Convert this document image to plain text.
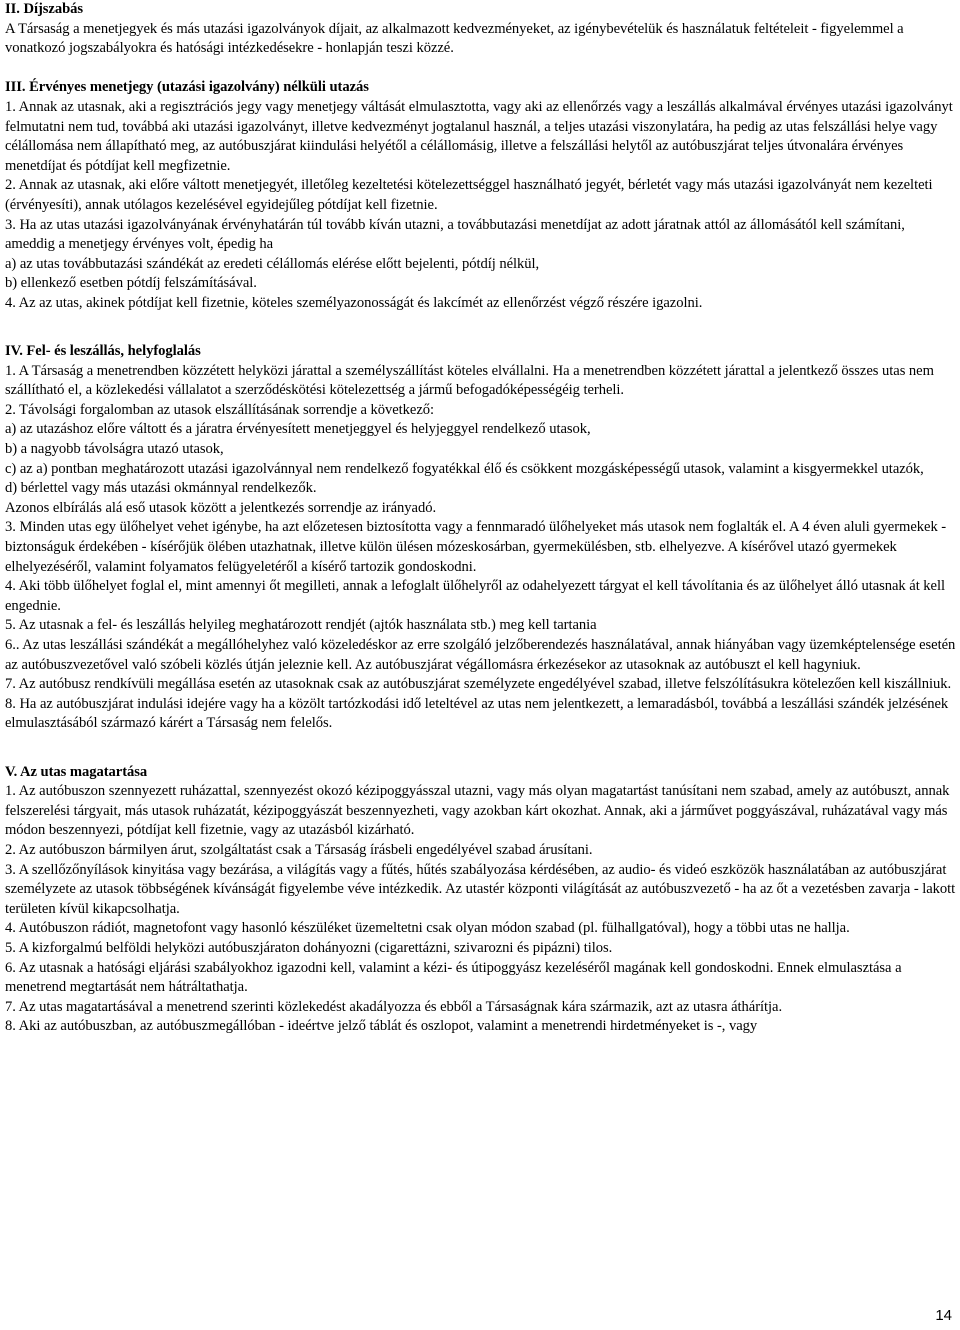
II. Díjszabás

A Társaság a menetjegyek és más utazási igazolványok díjait, az alkalmazott kedvezményeket, az igénybevételük és használatuk feltételeit - figyelemmel a vonatkozó jogszabályokra és hatósági intézkedésekre - honlapján teszi közzé.

III. Érvényes menetjegy (utazási igazolvány) nélküli utazás

1. Annak az utasnak, aki a regisztrációs jegy vagy menetjegy váltását elmulasztotta, vagy aki az ellenőrzés vagy a leszállás alkalmával érvényes utazási igazolványt felmutatni nem tud, továbbá aki utazási igazolványt, illetve kedvezményt jogtalanul használ, a teljes utazási viszonylatára, ha pedig az utas felszállási helye vagy célállomása nem állapítható meg, az autóbuszjárat kiindulási helyétől a célállomásig, illetve a felszállási helytől az autóbuszjárat teljes útvonalára érvényes menetdíjat és pótdíjat kell megfizetnie.

2. Annak az utasnak, aki előre váltott menetjegyét, illetőleg kezeltetési kötelezettséggel használható jegyét, bérletét vagy más utazási igazolványát nem kezelteti (érvényesíti), annak utólagos kezelésével egyidejűleg pótdíjat kell fizetnie.

3. Ha az utas utazási igazolványának érvényhatárán túl tovább kíván utazni, a továbbutazási menetdíjat az adott járatnak attól az állomásától kell számítani, ameddig a menetjegy érvényes volt, épedig ha

a) az utas továbbutazási szándékát az eredeti célállomás elérése előtt bejelenti, pótdíj nélkül,

b) ellenkező esetben pótdíj felszámításával.

4. Az az utas, akinek pótdíjat kell fizetnie, köteles személyazonosságát és lakcímét az ellenőrzést végző részére igazolni.

IV. Fel- és leszállás, helyfoglalás

1. A Társaság a menetrendben közzétett helyközi járattal a személyszállítást köteles elvállalni. Ha a menetrendben közzétett járattal a jelentkező összes utas nem szállítható el, a közlekedési vállalatot a szerződéskötési kötelezettség a jármű befogadóképességéig terheli.

2. Távolsági forgalomban az utasok elszállításának sorrendje a következő:

a) az utazáshoz előre váltott és a járatra érvényesített menetjeggyel és helyjeggyel rendelkező utasok,

b) a nagyobb távolságra utazó utasok,

c) az a) pontban meghatározott utazási igazolvánnyal nem rendelkező fogyatékkal élő és csökkent mozgásképességű utasok, valamint a kisgyermekkel utazók,

d) bérlettel vagy más utazási okmánnyal rendelkezők.

Azonos elbírálás alá eső utasok között a jelentkezés sorrendje az irányadó.

3. Minden utas egy ülőhelyet vehet igénybe, ha azt előzetesen biztosította vagy a fennmaradó ülőhelyeket más utasok nem foglalták el. A 4 éven aluli gyermekek - biztonságuk érdekében - kísérőjük ölében utazhatnak, illetve külön ülésen mózeskosárban, gyermekülésben, stb. elhelyezve. A kísérővel utazó gyermekek elhelyezéséről, valamint folyamatos felügyeletéről a kísérő tartozik gondoskodni.

4. Aki több ülőhelyet foglal el, mint amennyi őt megilleti, annak a lefoglalt ülőhelyről az odahelyezett tárgyat el kell távolítania és az ülőhelyet álló utasnak át kell engednie.

5. Az utasnak a fel- és leszállás helyileg meghatározott rendjét (ajtók használata stb.) meg kell tartania

6.. Az utas leszállási szándékát a megállóhelyhez való közeledéskor az erre szolgáló jelzőberendezés használatával, annak hiányában vagy üzemképtelensége esetén az autóbuszvezetővel való szóbeli közlés útján jeleznie kell. Az autóbuszjárat végállomásra érkezésekor az utasoknak az autóbuszt el kell hagyniuk.

7. Az autóbusz rendkívüli megállása esetén az utasoknak csak az autóbuszjárat személyzete engedélyével szabad, illetve felszólításukra kötelezően kell kiszállniuk.

8. Ha az autóbuszjárat indulási idejére vagy ha a közölt tartózkodási idő leteltével az utas nem jelentkezett, a lemaradásból, továbbá a leszállási szándék jelzésének elmulasztásából származó kárért a Társaság nem felelős.

V. Az utas magatartása

1. Az autóbuszon szennyezett ruházattal, szennyezést okozó kézipoggyásszal utazni, vagy más olyan magatartást tanúsítani nem szabad, amely az autóbuszt, annak felszerelési tárgyait, más utasok ruházatát, kézipoggyászát beszennyezheti, vagy azokban kárt okozhat. Annak, aki a járművet poggyászával, ruházatával vagy más módon beszennyezi, pótdíjat kell fizetnie, vagy az utazásból kizárható.

2. Az autóbuszon bármilyen árut, szolgáltatást csak a Társaság írásbeli engedélyével szabad árusítani.

3. A szellőzőnyílások kinyitása vagy bezárása, a világítás vagy a fűtés, hűtés szabályozása kérdésében, az audio- és videó eszközök használatában az autóbuszjárat személyzete az utasok többségének kívánságát figyelembe véve intézkedik. Az utastér központi világítását az autóbuszvezető - ha az őt a vezetésben zavarja - lakott területen kívül kikapcsolhatja.

4. Autóbuszon rádiót, magnetofont vagy hasonló készüléket üzemeltetni csak olyan módon szabad (pl. fülhallgatóval), hogy a többi utas ne hallja.

5. A kizforgalmú belföldi helyközi autóbuszjáraton dohányozni (cigarettázni, szivarozni és pipázni) tilos.

6. Az utasnak a hatósági eljárási szabályokhoz igazodni kell, valamint a kézi- és útipoggyász kezeléséről magának kell gondoskodni. Ennek elmulasztása a menetrend megtartását nem hátráltathatja.

7. Az utas magatartásával a menetrend szerinti közlekedést akadályozza és ebből a Társaságnak kára származik, azt az utasra áthárítja.

8. Aki az autóbuszban, az autóbuszmegállóban - ideértve jelző táblát és oszlopot, valamint a menetrendi hirdetményeket is -, vagy

14
